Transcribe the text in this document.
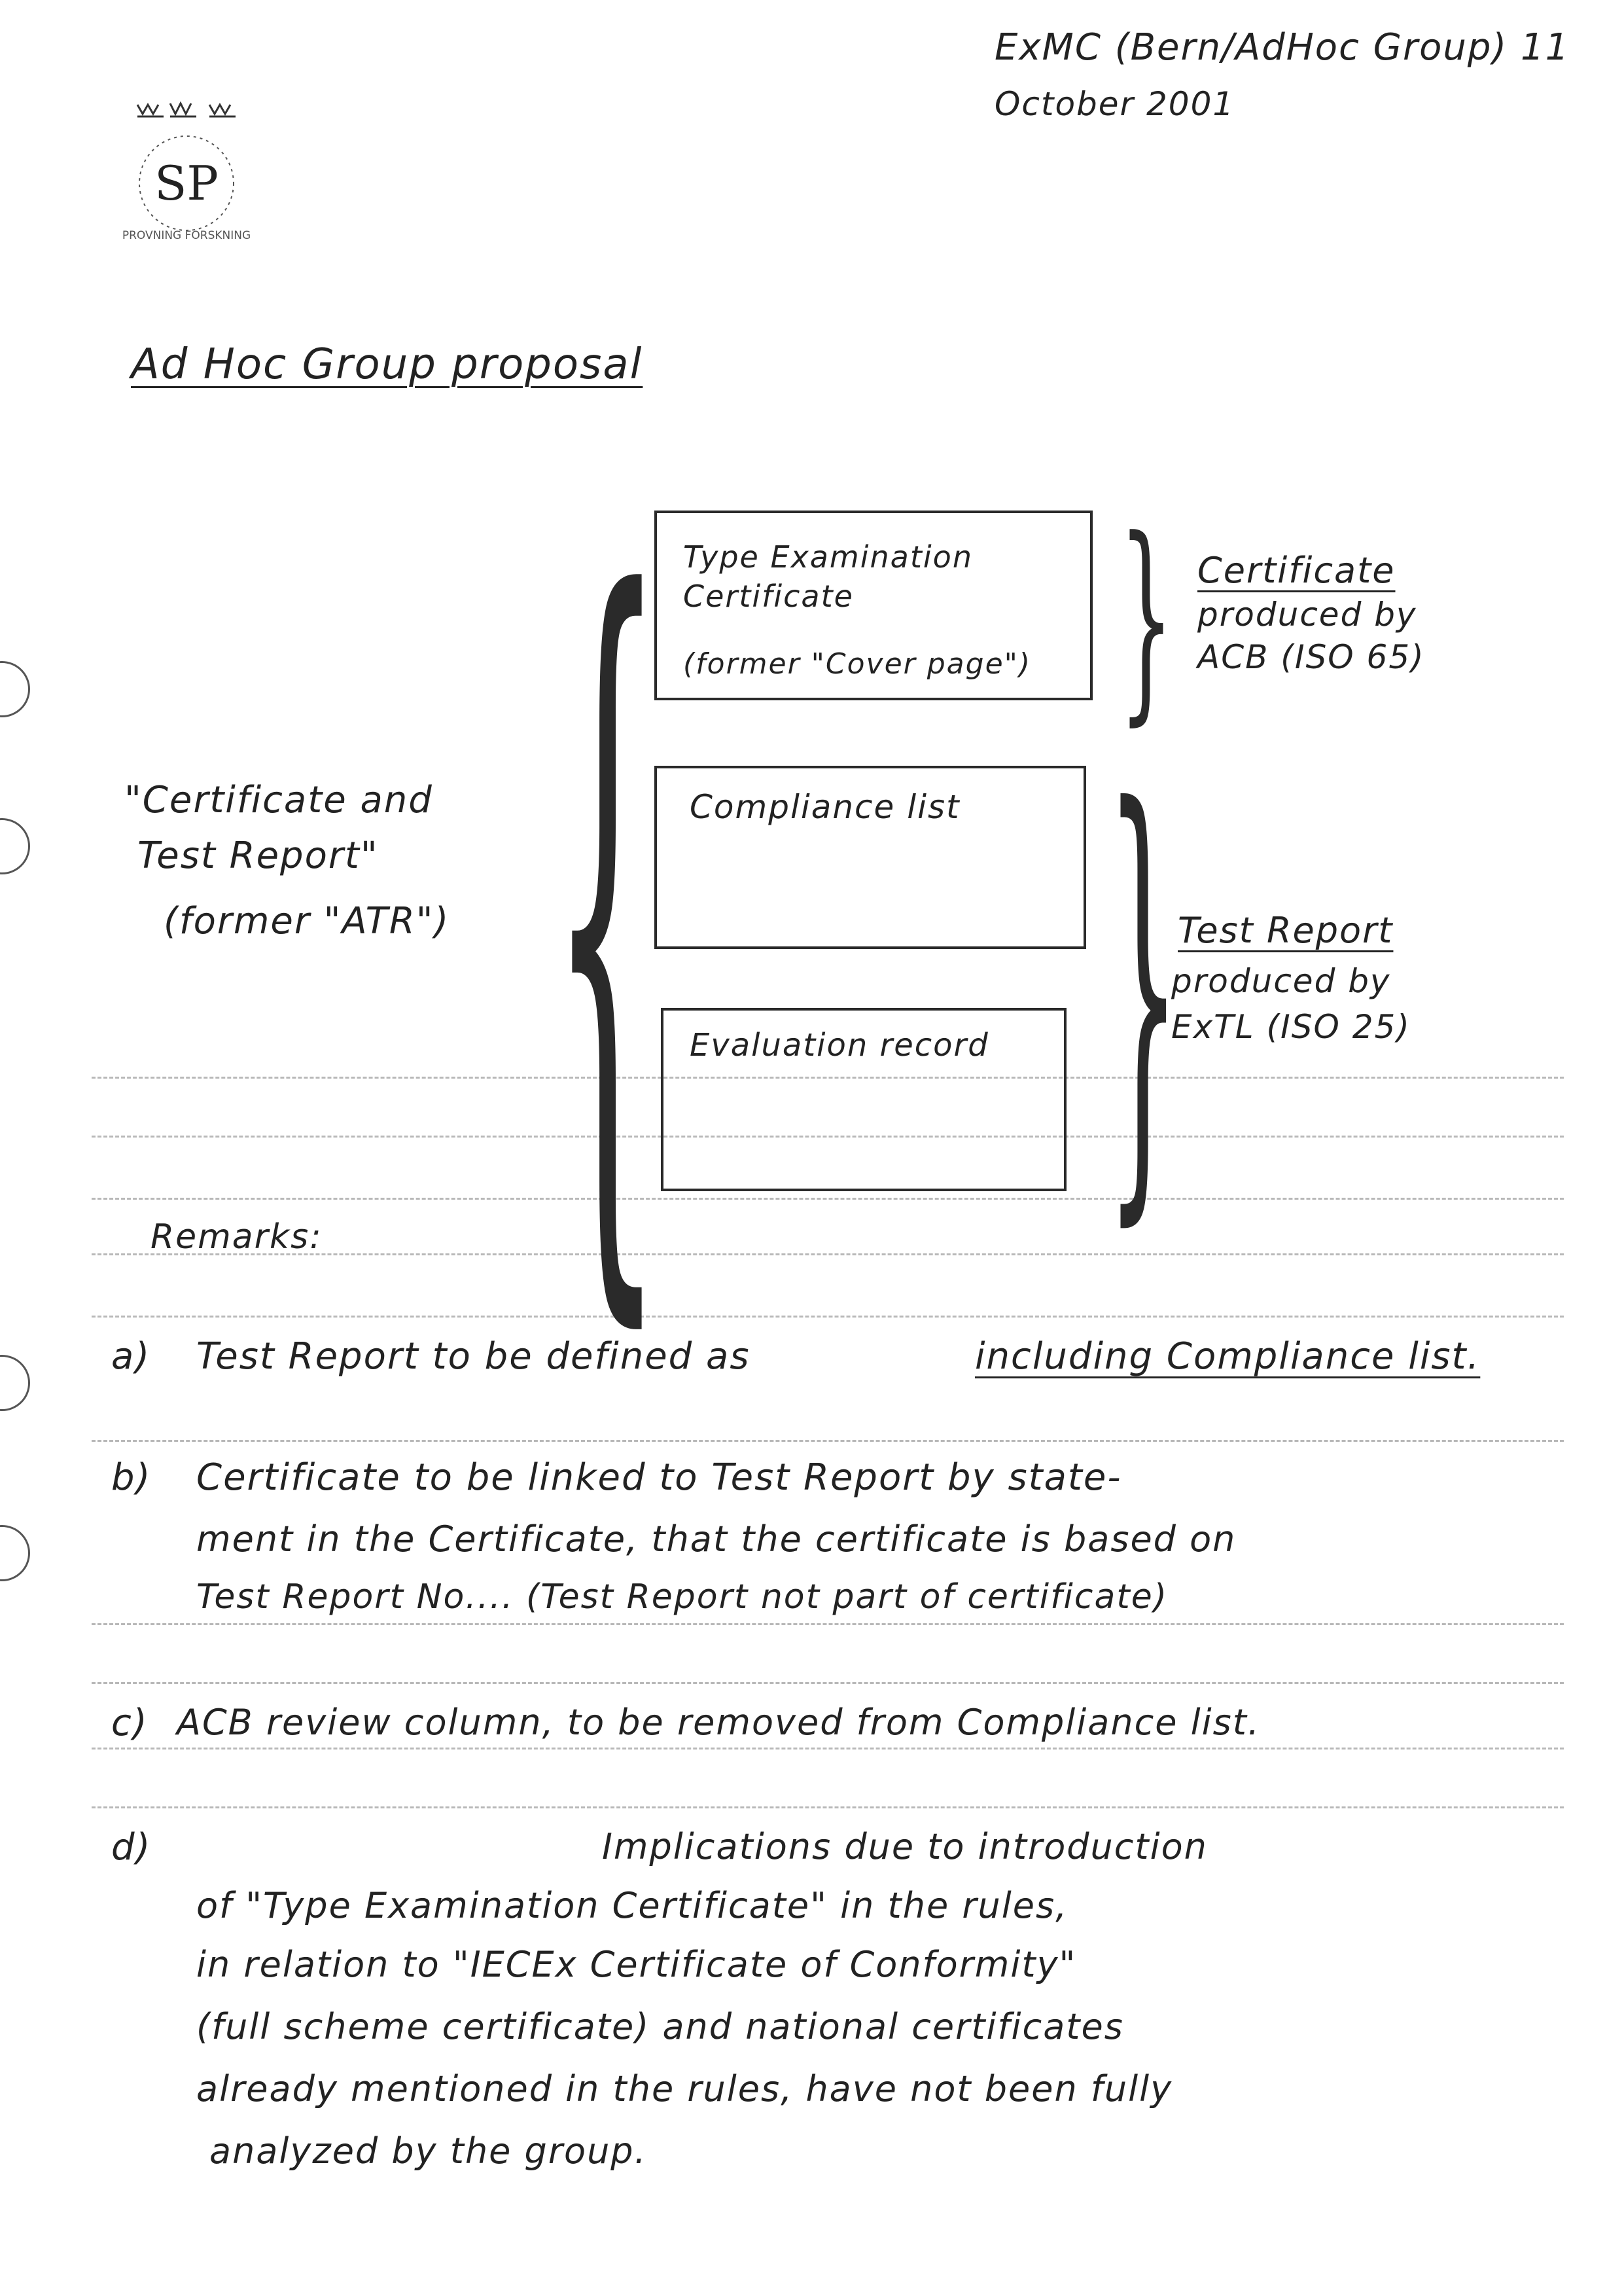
SP
PROVNING FORSKNING
ExMC (Bern/AdHoc Group) 11
October 2001
Ad Hoc Group proposal
"Certificate and
Test Report"
(former "ATR") { Type Examination
Certificate
(former "Cover page")
Compliance list
Evaluation record
}
}
Certificate
produced by
ACB (ISO 65)
Test Report
produced by
ExTL (ISO 25)
Remarks:
a) Test Report to be defined as	including Compliance list.
b) Certificate to be linked to Test Report by state-
ment in the Certificate, that the certificate is based on
Test Report No.... (Test Report not part of certificate)
c) ACB review column, to be removed from Compliance list.
d)	Implications due to introduction
of "Type Examination Certificate" in the rules,
in relation to "IECEx Certificate of Conformity"
(full scheme certificate) and national certificates
already mentioned in the rules, have not been fully
analyzed by the group.
